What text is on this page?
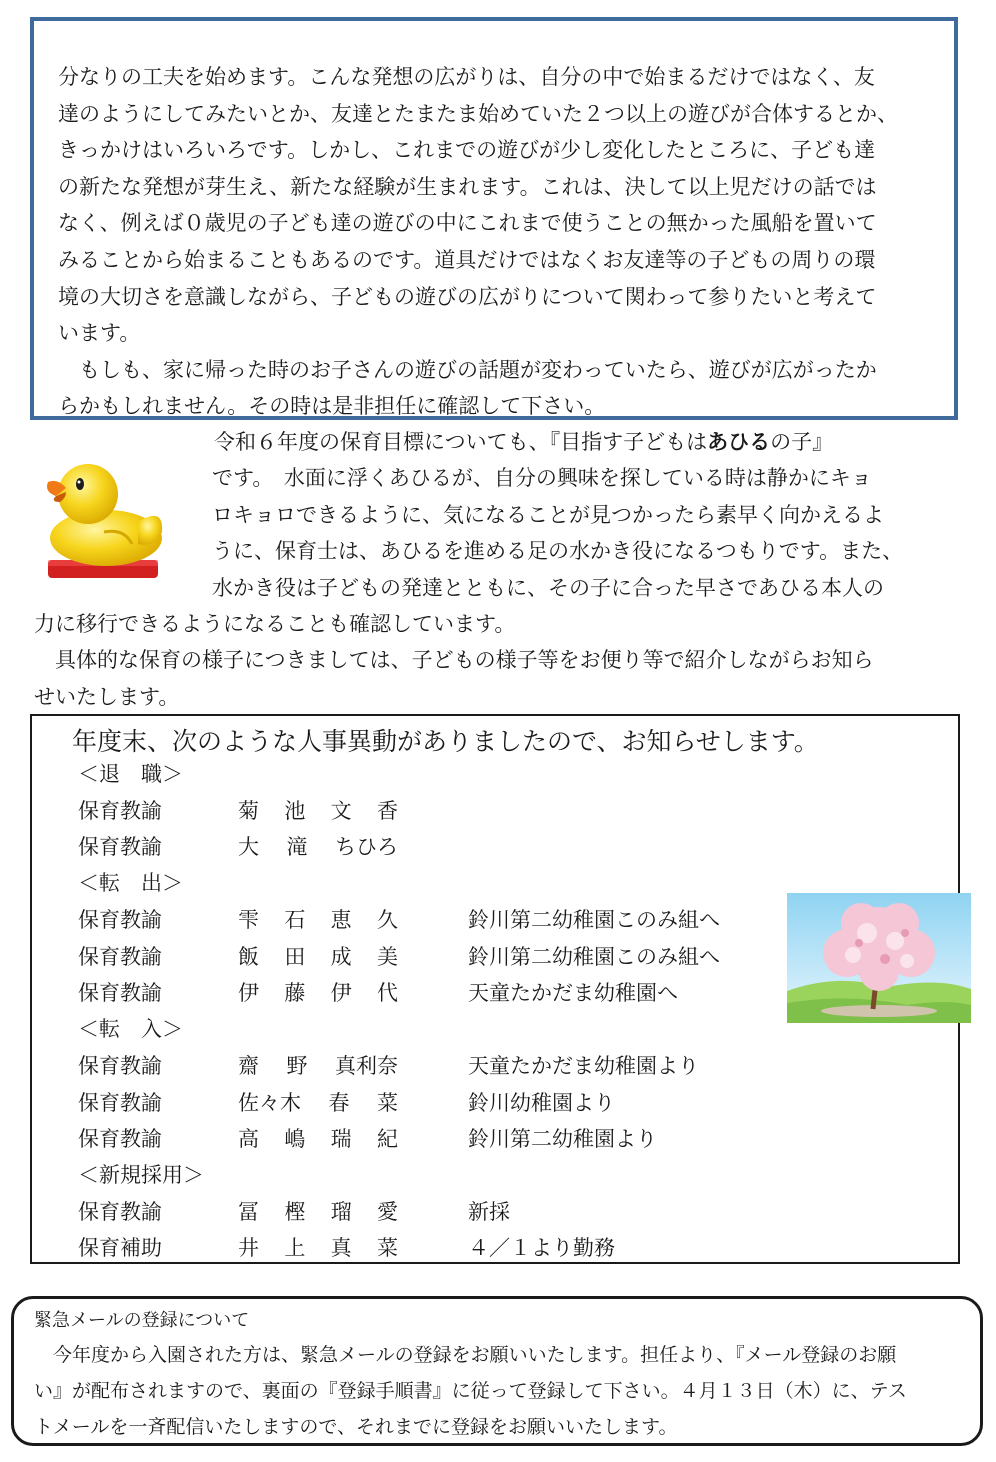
分なりの工夫を始めます。こんな発想の広がりは、自分の中で始まるだけではなく、友
達のようにしてみたいとか、友達とたまたま始めていた２つ以上の遊びが合体するとか、
きっかけはいろいろです。しかし、これまでの遊びが少し変化したところに、子ども達
の新たな発想が芽生え、新たな経験が生まれます。これは、決して以上児だけの話では
なく、例えば０歳児の子ども達の遊びの中にこれまで使うことの無かった風船を置いて
みることから始まることもあるのです。道具だけではなくお友達等の子どもの周りの環
境の大切さを意識しながら、子どもの遊びの広がりについて関わって参りたいと考えて
います。
　もしも、家に帰った時のお子さんの遊びの話題が変わっていたら、遊びが広がったか
らかもしれません。その時は是非担任に確認して下さい。
令和６年度の保育目標についても、『目指す子どもはあひるの子』
です。　水面に浮くあひるが、自分の興味を探している時は静かにキョ
ロキョロできるように、気になることが見つかったら素早く向かえるよ
うに、保育士は、あひるを進める足の水かき役になるつもりです。また、
水かき役は子どもの発達とともに、その子に合った早さであひる本人の
力に移行できるようになることも確認しています。
　具体的な保育の様子につきましては、子どもの様子等をお便り等で紹介しながらお知ら
せいたします。
年度末、次のような人事異動がありましたので、お知らせします。
＜退　職＞
保育教諭	菊 池 文 香
保育教諭	大 滝 ちひろ
＜転　出＞
保育教諭	雫 石 恵 久	鈴川第二幼稚園このみ組へ
保育教諭	飯 田 成 美	鈴川第二幼稚園このみ組へ
保育教諭	伊 藤 伊 代	天童たかだま幼稚園へ
＜転　入＞
保育教諭	齋 野 真利奈	天童たかだま幼稚園より
保育教諭	佐々木 春 菜	鈴川幼稚園より
保育教諭	高 嶋 瑞 紀	鈴川第二幼稚園より
＜新規採用＞
保育教諭	冨 樫 瑠 愛	新採
保育補助	井 上 真 菜	４／１より勤務
緊急メールの登録について
　今年度から入園された方は、緊急メールの登録をお願いいたします。担任より、『メール登録のお願
い』が配布されますので、裏面の『登録手順書』に従って登録して下さい。４月１３日（木）に、テス
トメールを一斉配信いたしますので、それまでに登録をお願いいたします。
